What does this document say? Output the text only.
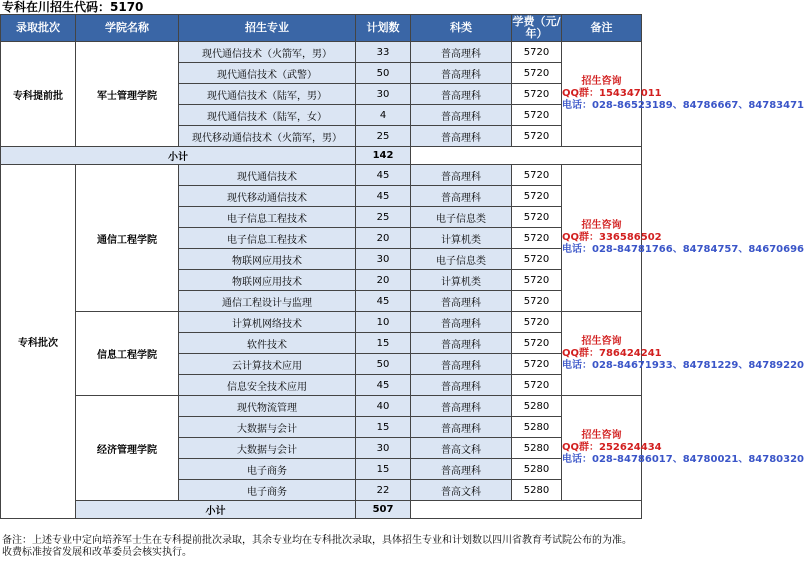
专科在川招生代码：5170
录取批次	学院名称	招生专业	计划数	科类	学费（元/年）	备注
专科提前批	军士管理学院	现代通信技术（火箭军，男）	33	普高理科	5720	招生咨询
QQ群：154347011
电话：028-86523189、84786667、84783471

		现代通信技术（武警）	50	普高理科	5720	
		现代通信技术（陆军，男）	30	普高理科	5720	
		现代通信技术（陆军，女）	4	普高理科	5720	
		现代移动通信技术（火箭军，男）	25	普高理科	5720	
小计			142			
专科批次	通信工程学院	现代通信技术	45	普高理科	5720	招生咨询
QQ群：336586502
电话：028-84781766、84784757、84670696

		现代移动通信技术	45	普高理科	5720	
		电子信息工程技术	25	电子信息类	5720	
		电子信息工程技术	20	计算机类	5720	
		物联网应用技术	30	电子信息类	5720	
		物联网应用技术	20	计算机类	5720	
		通信工程设计与监理	45	普高理科	5720	
	信息工程学院	计算机网络技术	10	普高理科	5720	招生咨询
QQ群：786424241
电话：028-84671933、84781229、84789220

		软件技术	15	普高理科	5720	
		云计算技术应用	50	普高理科	5720	
		信息安全技术应用	45	普高理科	5720	
	经济管理学院	现代物流管理	40	普高理科	5280	招生咨询
QQ群：252624434
电话：028-84786017、84780021、84780320

		大数据与会计	15	普高理科	5280	
		大数据与会计	30	普高文科	5280	
		电子商务	15	普高理科	5280	
		电子商务	22	普高文科	5280	
	小计		507			
备注：上述专业中定向培养军士生在专科提前批次录取，其余专业均在专科批次录取，具体招生专业和计划数以四川省教育考试院公布的为准。收费标准按省发展和改革委员会核实执行。
